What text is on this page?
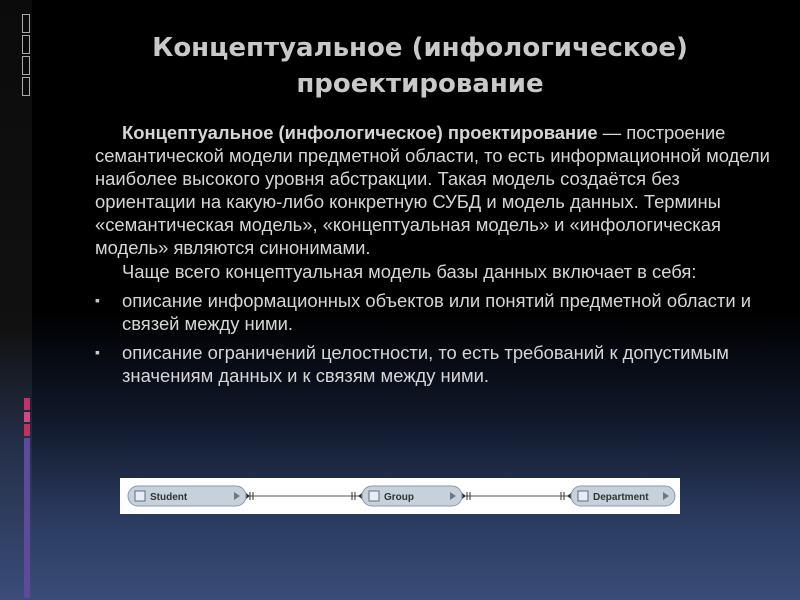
Концептуальное (инфологическое)
проектирование

Концептуальное (инфологическое) проектирование — построение семантической модели предметной области, то есть информационной модели наиболее высокого уровня абстракции. Такая модель создаётся без ориентации на какую-либо конкретную СУБД и модель данных. Термины «семантическая модель», «концептуальная модель» и «инфологическая модель» являются синонимами.

Чаще всего концептуальная модель базы данных включает в себя:

▪ описание информационных объектов или понятий предметной области и связей между ними.
▪ описание ограничений целостности, то есть требований к допустимым значениям данных и к связям между ними.
Student	Group	Department
